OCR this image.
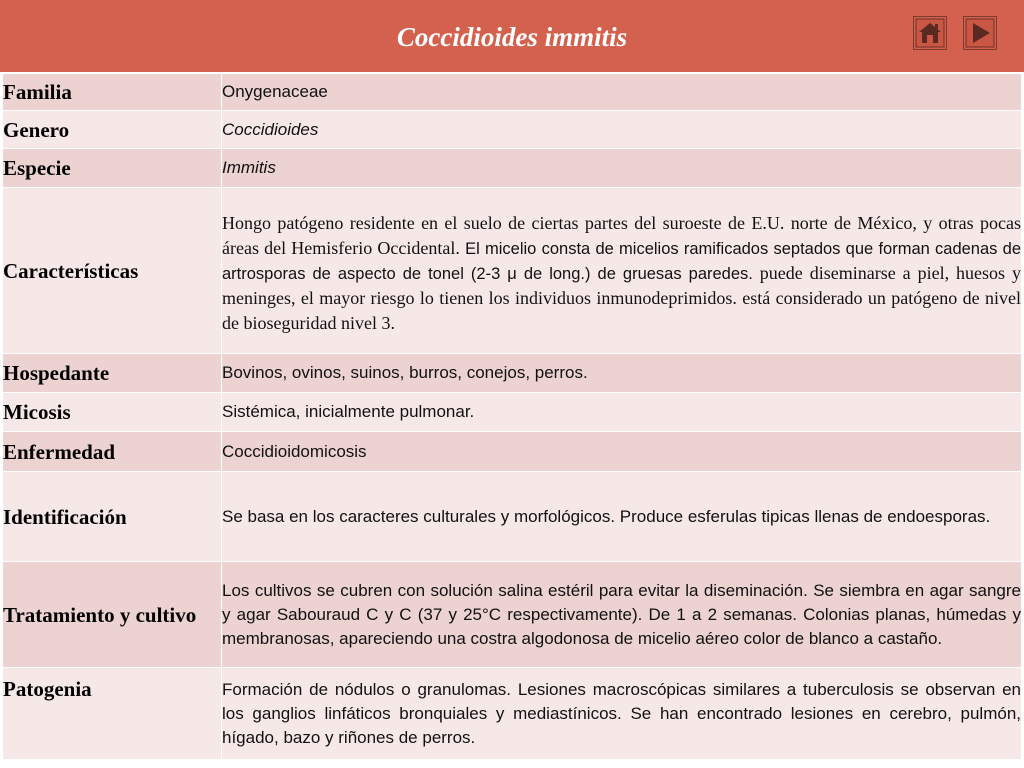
Coccidioides immitis
Familia	Onygenaceae
Genero	Coccidioides
Especie	Immitis
Características	Hongo patógeno residente en el suelo de ciertas partes del suroeste de E.U. norte de México, y otras pocas áreas del Hemisferio Occidental. El micelio consta de micelios ramificados septados que forman cadenas de artrosporas de aspecto de tonel (2-3 μ de long.) de gruesas paredes. puede diseminarse a piel, huesos y meninges, el mayor riesgo lo tienen los individuos inmunodeprimidos. está considerado un patógeno de nivel de bioseguridad nivel 3.
Hospedante	Bovinos, ovinos, suinos, burros, conejos, perros.
Micosis	Sistémica, inicialmente pulmonar.
Enfermedad	Coccidioidomicosis
Identificación	Se basa en los caracteres culturales y morfológicos. Produce esferulas tipicas llenas de endoesporas.
Tratamiento y cultivo	Los cultivos se cubren con solución salina estéril para evitar la diseminación. Se siembra en agar sangre y agar Sabouraud C y C (37 y 25°C respectivamente). De 1 a 2 semanas. Colonias planas, húmedas y membranosas, apareciendo una costra algodonosa de micelio aéreo color de blanco a castaño.
Patogenia	Formación de nódulos o granulomas. Lesiones macroscópicas similares a tuberculosis se observan en los ganglios linfáticos bronquiales y mediastínicos. Se han encontrado lesiones en cerebro, pulmón, hígado, bazo y riñones de perros.
